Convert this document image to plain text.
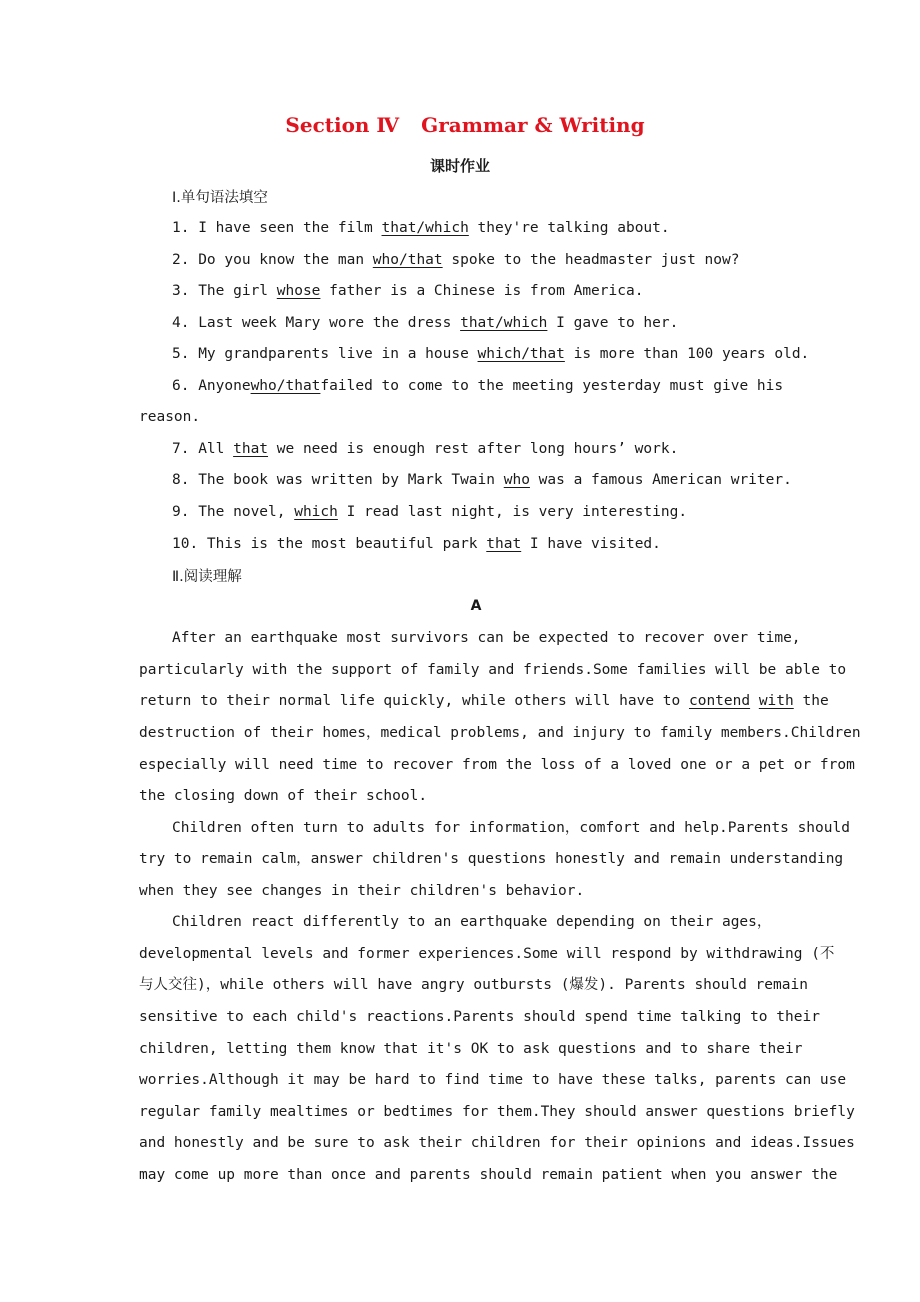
Section Ⅳ Grammar & Writing
课时作业
Ⅰ.单句语法填空
1. I have seen the film that/which they're talking about.
2. Do you know the man who/that spoke to the headmaster just now?
3. The girl whose father is a Chinese is from America.
4. Last week Mary wore the dress that/which I gave to her.
5. My grandparents live in a house which/that is more than 100 years old.
6. Anyone who/that failed to come to the meeting yesterday must give his
reason.
7. All that we need is enough rest after long hours’ work.
8. The book was written by Mark Twain who was a famous American writer.
9. The novel, which I read last night, is very interesting.
10. This is the most beautiful park that I have visited.
Ⅱ.阅读理解
A
After an earthquake most survivors can be expected to recover over time,
particularly with the support of family and friends.Some families will be able to
return to their normal life quickly, while others will have to contend with the
destruction of their homes，medical problems, and injury to family members.Children
especially will need time to recover from the loss of a loved one or a pet or from
the closing down of their school.
Children often turn to adults for information，comfort and help.Parents should
try to remain calm，answer children's questions honestly and remain understanding
when they see changes in their children's behavior.
Children react differently to an earthquake depending on their ages，
developmental levels and former experiences.Some will respond by withdrawing (不
与人交往)，while others will have angry outbursts (爆发). Parents should remain
sensitive to each child's reactions.Parents should spend time talking to their
children, letting them know that it's OK to ask questions and to share their
worries.Although it may be hard to find time to have these talks, parents can use
regular family mealtimes or bedtimes for them.They should answer questions briefly
and honestly and be sure to ask their children for their opinions and ideas.Issues
may come up more than once and parents should remain patient when you answer the
